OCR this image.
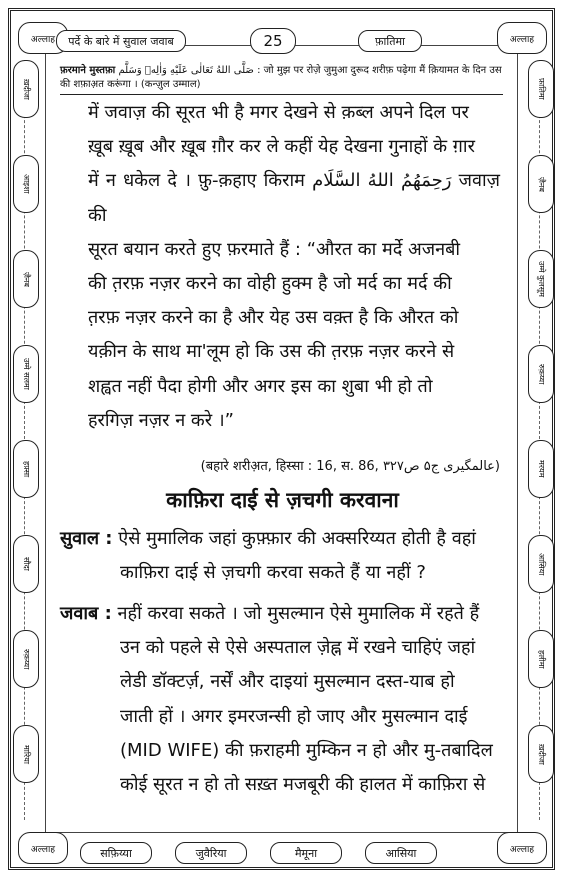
ख़दीजा
आइशा
ज़ैनब
उम्मे सलमा
हफ़्सा
सौदा
रुक़य्या
मारिया
फ़ातिमा
ज़ैनब
उम्मे कुलसूम
रुक़य्या
मरयम
आसिया
हलीमा
ख़दीजा
अल्लाह	अल्लाह
अल्लाह	अल्लाह
पर्दे के बारे में सुवाल जवाब	25	फ़ातिमा
फ़रमाने मुस्तफ़ा صَلَّى اللهُ تَعَالٰى عَلَيْهِ وَاٰلِهٖ وَسَلَّم : जो मुझ पर रोज़े जुमुआ दुरूद शरीफ़ पढ़ेगा मैं क़ियामत के दिन उस की शफ़ाअ़त करूंगा । (कन्ज़ुल उम्माल)

में जवाज़ की सूरत भी है मगर देखने से क़ब्ल अपने दिल पर

ख़ूब ख़ूब और ख़ूब ग़ौर कर ले कहीं येह देखना गुनाहों के ग़ार

में न धकेल दे । फ़ु-क़हाए किराम رَحِمَهُمُ اللهُ السَّلَام जवाज़ की

सूरत बयान करते हुए फ़रमाते हैं : “औरत का मर्दे अजनबी

की त़रफ़ नज़र करने का वोही हुक्म है जो मर्द का मर्द की

त़रफ़ नज़र करने का है और येह उस वक़्त है कि औरत को

यक़ीन के साथ मा'लूम हो कि उस की त़रफ़ नज़र करने से

शह्वत नहीं पैदा होगी और अगर इस का शुबा भी हो तो

हरगिज़ नज़र न करे ।”

(बहारे शरीअ़त, हिस्सा : 16, स. 86, عالمگیری ج۵ ص۳۲۷)
काफ़िरा दाई से ज़चगी करवाना
सुवाल : ऐसे मुमालिक जहां कुफ़्फ़ार की अक्सरिय्यत होती है वहां
काफ़िरा दाई से ज़चगी करवा सकते हैं या नहीं ?
जवाब : नहीं करवा सकते । जो मुसल्मान ऐसे मुमालिक में रहते हैं
उन को पहले से ऐसे अस्पताल ज़ेह्न में रखने चाहिएं जहां
लेडी डॉक्टर्ज़, नर्सें और दाइयां मुसल्मान दस्त-याब हो
जाती हों । अगर इमरजन्सी हो जाए और मुसल्मान दाई
(MID WIFE) की फ़राहमी मुम्किन न हो और मु-तबादिल
कोई सूरत न हो तो सख़्त मजबूरी की हालत में काफ़िरा से
सफ़िय्या	जुवैरिया	मैमूना	आसिया
